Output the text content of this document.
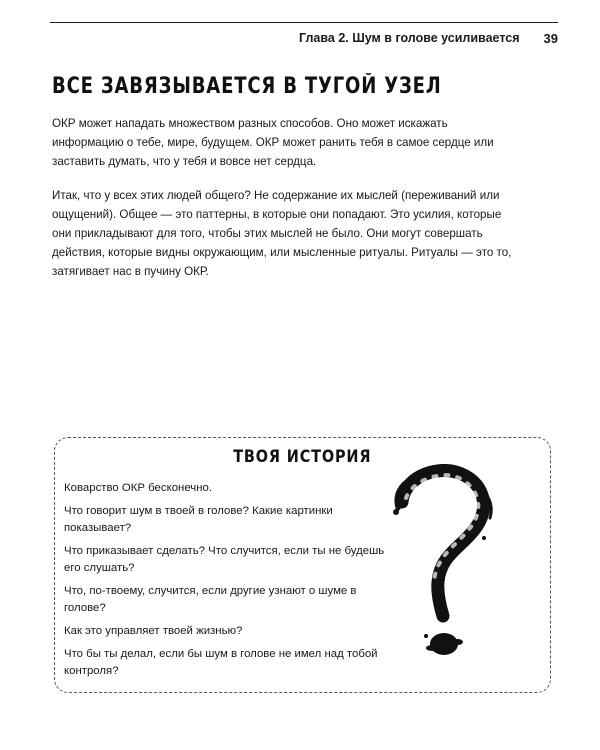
Глава 2. Шум в голове усиливается 39
ВСЕ ЗАВЯЗЫВАЕТСЯ В ТУГОЙ УЗЕЛ

ОКР может нападать множеством разных способов. Оно может искажать информацию о тебе, мире, будущем. ОКР может ранить тебя в самое сердце или заставить думать, что у тебя и вовсе нет сердца.

Итак, что у всех этих людей общего? Не содержание их мыслей (переживаний или ощущений). Общее — это паттерны, в которые они попадают. Это усилия, которые они прикладывают для того, чтобы этих мыслей не было. Они могут совершать действия, которые видны окружающим, или мысленные ритуалы. Ритуалы — это то, затягивает нас в пучину ОКР.

ТВОЯ ИСТОРИЯ
Коварство ОКР бесконечно.
Что говорит шум в твоей в голове? Какие картинки показывает?
Что приказывает сделать? Что случится, если ты не будешь его слушать?
Что, по-твоему, случится, если другие узнают о шуме в голове?
Как это управляет твоей жизнью?
Что бы ты делал, если бы шум в голове не имел над тобой контроля?
